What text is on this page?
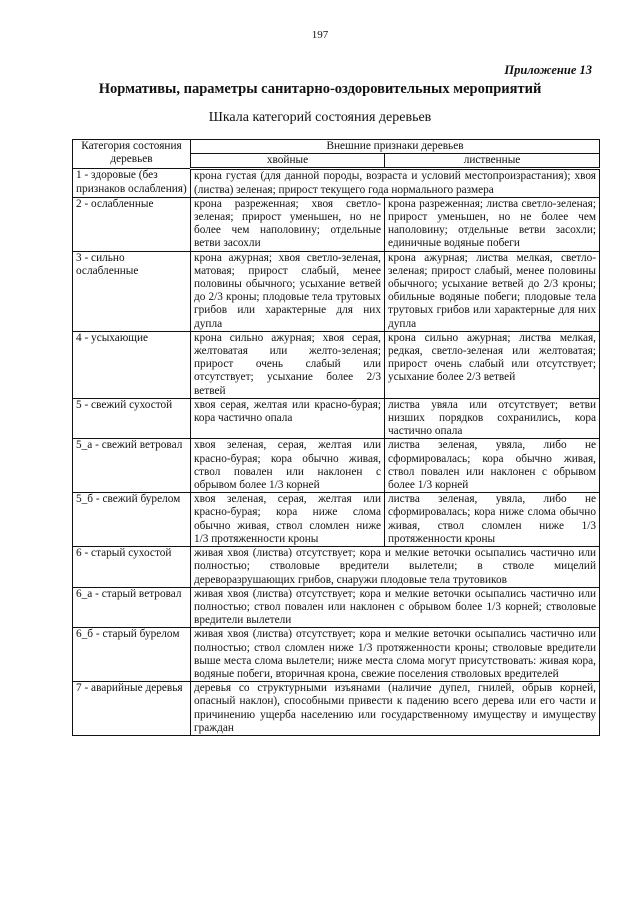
197
Приложение 13
Нормативы, параметры санитарно-оздоровительных мероприятий
Шкала категорий состояния деревьев
Категория состояния деревьев	Внешние признаки деревьев	
	хвойные	лиственные
1 - здоровые (без признаков ослабления)	крона густая (для данной породы, возраста и условий местопроизрастания); хвоя (листва) зеленая; прирост текущего года нормального размера	
2 - ослабленные	крона разреженная; хвоя светло-зеленая; прирост уменьшен, но не более чем наполовину; отдельные ветви засохли	крона разреженная; листва светло-зеленая; прирост уменьшен, но не более чем наполовину; отдельные ветви засохли; единичные водяные побеги
3 - сильно ослабленные	крона ажурная; хвоя светло-зеленая, матовая; прирост слабый, менее половины обычного; усыхание ветвей до 2/3 кроны; плодовые тела трутовых грибов или характерные для них дупла	крона ажурная; листва мелкая, светло-зеленая; прирост слабый, менее половины обычного; усыхание ветвей до 2/3 кроны; обильные водяные побеги; плодовые тела трутовых грибов или характерные для них дупла
4 - усыхающие	крона сильно ажурная; хвоя серая, желтоватая или желто-зеленая; прирост очень слабый или отсутствует; усыхание более 2/3 ветвей	крона сильно ажурная; листва мелкая, редкая, светло-зеленая или желтоватая; прирост очень слабый или отсутствует; усыхание более 2/3 ветвей
5 - свежий сухостой	хвоя серая, желтая или красно-бурая; кора частично опала	листва увяла или отсутствует; ветви низших порядков сохранились, кора частично опала
5_а - свежий ветровал	хвоя зеленая, серая, желтая или красно-бурая; кора обычно живая, ствол повален или наклонен с обрывом более 1/3 корней	листва зеленая, увяла, либо не сформировалась; кора обычно живая, ствол повален или наклонен с обрывом более 1/3 корней
5_б - свежий бурелом	хвоя зеленая, серая, желтая или красно-бурая; кора ниже слома обычно живая, ствол сломлен ниже 1/3 протяженности кроны	листва зеленая, увяла, либо не сформировалась; кора ниже слома обычно живая, ствол сломлен ниже 1/3 протяженности кроны
6 - старый сухостой	живая хвоя (листва) отсутствует; кора и мелкие веточки осыпались частично или полностью; стволовые вредители вылетели; в стволе мицелий дереворазрушающих грибов, снаружи плодовые тела трутовиков	
6_а - старый ветровал	живая хвоя (листва) отсутствует; кора и мелкие веточки осыпались частично или полностью; ствол повален или наклонен с обрывом более 1/3 корней; стволовые вредители вылетели	
6_б - старый бурелом	живая хвоя (листва) отсутствует; кора и мелкие веточки осыпались частично или полностью; ствол сломлен ниже 1/3 протяженности кроны; стволовые вредители выше места слома вылетели; ниже места слома могут присутствовать: живая кора, водяные побеги, вторичная крона, свежие поселения стволовых вредителей	
7 - аварийные деревья	деревья со структурными изъянами (наличие дупел, гнилей, обрыв корней, опасный наклон), способными привести к падению всего дерева или его части и причинению ущерба населению или государственному имуществу и имуществу граждан	
